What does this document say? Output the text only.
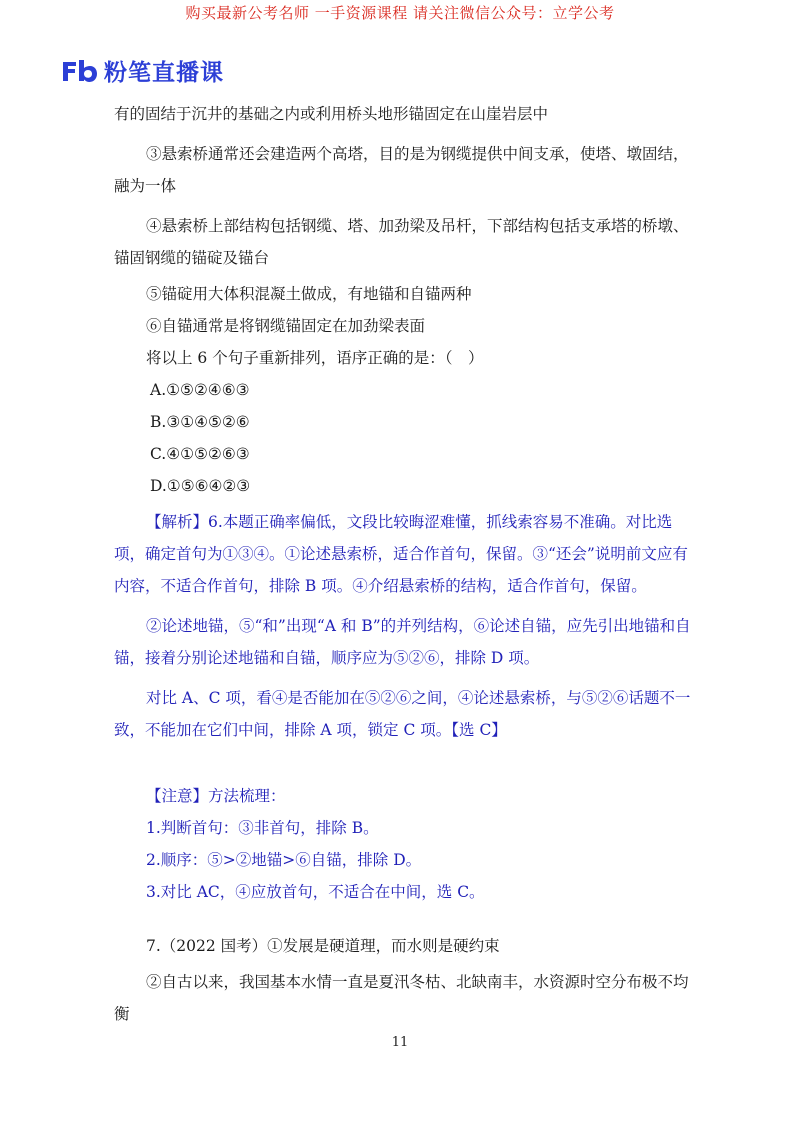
购买最新公考名师 一手资源课程 请关注微信公众号：立学公考
粉笔直播课
有的固结于沉井的基础之内或利用桥头地形锚固定在山崖岩层中
③悬索桥通常还会建造两个高塔，目的是为钢缆提供中间支承，使塔、墩固结，融为一体
④悬索桥上部结构包括钢缆、塔、加劲梁及吊杆，下部结构包括支承塔的桥墩、锚固钢缆的锚碇及锚台
⑤锚碇用大体积混凝土做成，有地锚和自锚两种
⑥自锚通常是将钢缆锚固定在加劲梁表面
将以上 6 个句子重新排列，语序正确的是：（　）
A.①⑤②④⑥③
B.③①④⑤②⑥
C.④①⑤②⑥③
D.①⑤⑥④②③
【解析】6.本题正确率偏低，文段比较晦涩难懂，抓线索容易不准确。对比选项，确定首句为①③④。①论述悬索桥，适合作首句，保留。③“还会”说明前文应有内容，不适合作首句，排除 B 项。④介绍悬索桥的结构，适合作首句，保留。
②论述地锚，⑤“和”出现“A 和 B”的并列结构，⑥论述自锚，应先引出地锚和自锚，接着分别论述地锚和自锚，顺序应为⑤②⑥，排除 D 项。
对比 A、C 项，看④是否能加在⑤②⑥之间，④论述悬索桥，与⑤②⑥话题不一致，不能加在它们中间，排除 A 项，锁定 C 项。【选 C】
【注意】方法梳理：
1.判断首句：③非首句，排除 B。
2.顺序：⑤>②地锚>⑥自锚，排除 D。
3.对比 AC，④应放首句，不适合在中间，选 C。
7.（2022 国考）①发展是硬道理，而水则是硬约束
②自古以来，我国基本水情一直是夏汛冬枯、北缺南丰，水资源时空分布极不均衡
11
